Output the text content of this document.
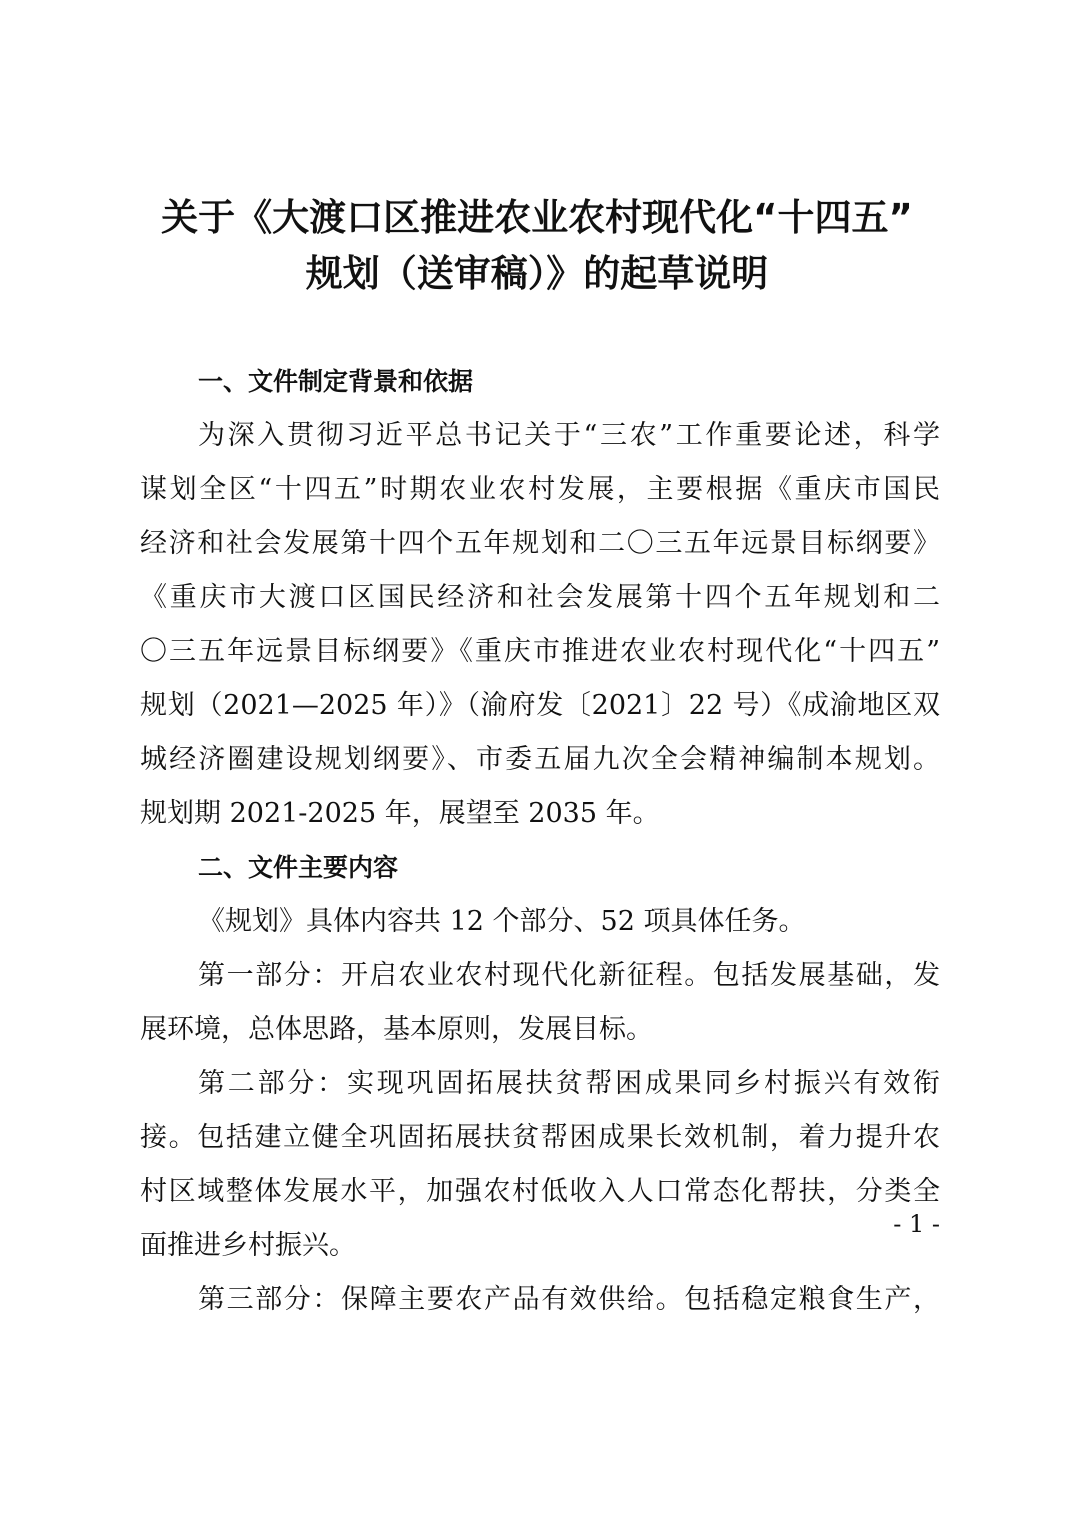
关于《大渡口区推进农业农村现代化“十四五”
规划（送审稿）》的起草说明
一、文件制定背景和依据
为深入贯彻习近平总书记关于“三农”工作重要论述，科学
谋划全区“十四五”时期农业农村发展，主要根据《重庆市国民
经济和社会发展第十四个五年规划和二〇三五年远景目标纲要》
《重庆市大渡口区国民经济和社会发展第十四个五年规划和二
〇三五年远景目标纲要》《重庆市推进农业农村现代化“十四五”
规划（2021—2025 年）》（渝府发〔2021〕22 号）《成渝地区双
城经济圈建设规划纲要》、市委五届九次全会精神编制本规划。
规划期 2021-2025 年，展望至 2035 年。
二、文件主要内容
《规划》具体内容共 12 个部分、52 项具体任务。
第一部分：开启农业农村现代化新征程。包括发展基础，发
展环境，总体思路，基本原则，发展目标。
第二部分：实现巩固拓展扶贫帮困成果同乡村振兴有效衔
接。包括建立健全巩固拓展扶贫帮困成果长效机制，着力提升农
村区域整体发展水平，加强农村低收入人口常态化帮扶，分类全
面推进乡村振兴。
第三部分：保障主要农产品有效供给。包括稳定粮食生产，
- 1 -
